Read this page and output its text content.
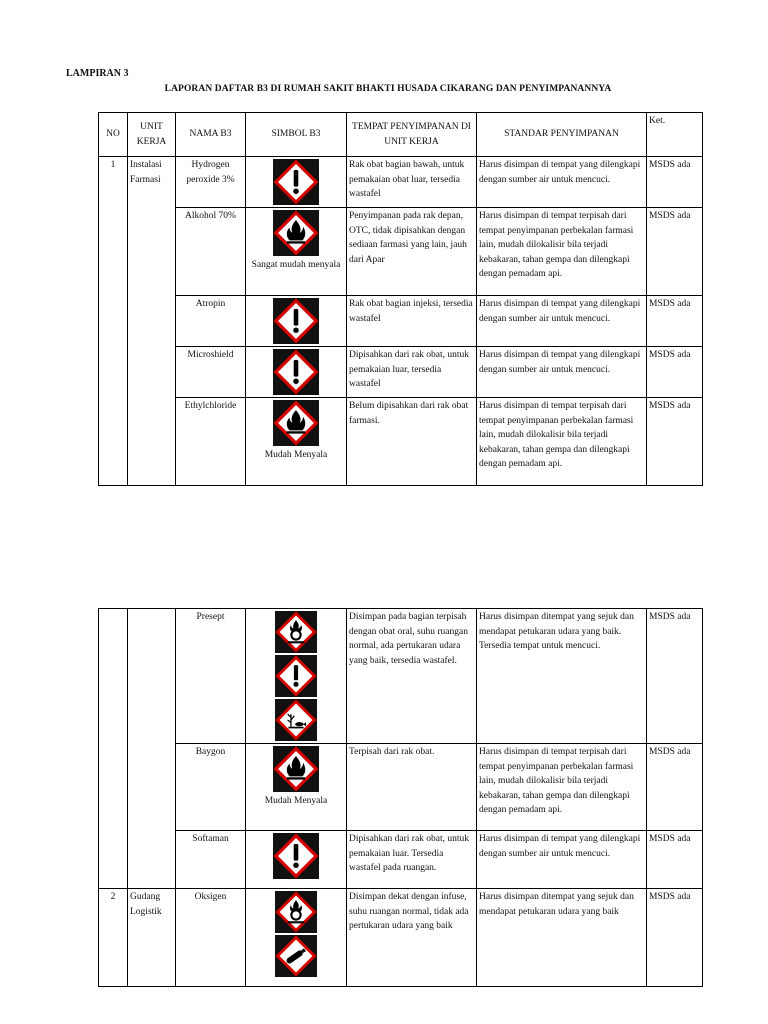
LAMPIRAN 3
LAPORAN DAFTAR B3 DI RUMAH SAKIT BHAKTI HUSADA CIKARANG DAN PENYIMPANANNYA
NO	UNIT KERJA	NAMA B3	SIMBOL B3	TEMPAT PENYIMPANAN DI UNIT KERJA	STANDAR PENYIMPANAN	Ket.
1	Instalasi Farmasi	Hydrogen peroxide 3%		Rak obat bagian bawah, untuk pemakaian obat luar, tersedia wastafel	Harus disimpan di tempat yang dilengkapi dengan sumber air untuk mencuci.	MSDS ada
		Alkohol 70%	Sangat mudah menyala	Penyimpanan pada rak depan, OTC, tidak dipisahkan dengan sediaan farmasi yang lain, jauh dari Apar	Harus disimpan di tempat terpisah dari tempat penyimpanan perbekalan farmasi lain, mudah dilokalisir bila terjadi kebakaran, tahan gempa dan dilengkapi dengan pemadam api.	MSDS ada
		Atropin		Rak obat bagian injeksi, tersedia wastafel	Harus disimpan di tempat yang dilengkapi dengan sumber air untuk mencuci.	MSDS ada
		Microshield		Dipisahkan dari rak obat, untuk pemakaian luar, tersedia wastafel	Harus disimpan di tempat yang dilengkapi dengan sumber air untuk mencuci.	MSDS ada
		Ethylchloride	Mudah Menyala	Belum dipisahkan dari rak obat farmasi.	Harus disimpan di tempat terpisah dari tempat penyimpanan perbekalan farmasi lain, mudah dilokalisir bila terjadi kebakaran, tahan gempa dan dilengkapi dengan pemadam api.	MSDS ada
		Presept		Disimpan pada bagian terpisah dengan obat oral, suhu ruangan normal, ada pertukaran udara yang baik, tersedia wastafel.	Harus disimpan ditempat yang sejuk dan mendapat petukaran udara yang baik. Tersedia tempat untuk mencuci.	MSDS ada
		Baygon	Mudah Menyala	Terpisah dari rak obat.	Harus disimpan di tempat terpisah dari tempat penyimpanan perbekalan farmasi lain, mudah dilokalisir bila terjadi kebakaran, tahan gempa dan dilengkapi dengan pemadam api.	MSDS ada
		Softaman		Dipisahkan dari rak obat, untuk pemakaian luar. Tersedia wastafel pada ruangan.	Harus disimpan di tempat yang dilengkapi dengan sumber air untuk mencuci.	MSDS ada
2	Gudang Logistik	Oksigen		Disimpan dekat dengan infuse, suhu ruangan normal, tidak ada pertukaran udara yang baik	Harus disimpan ditempat yang sejuk dan mendapat petukaran udara yang baik	MSDS ada
